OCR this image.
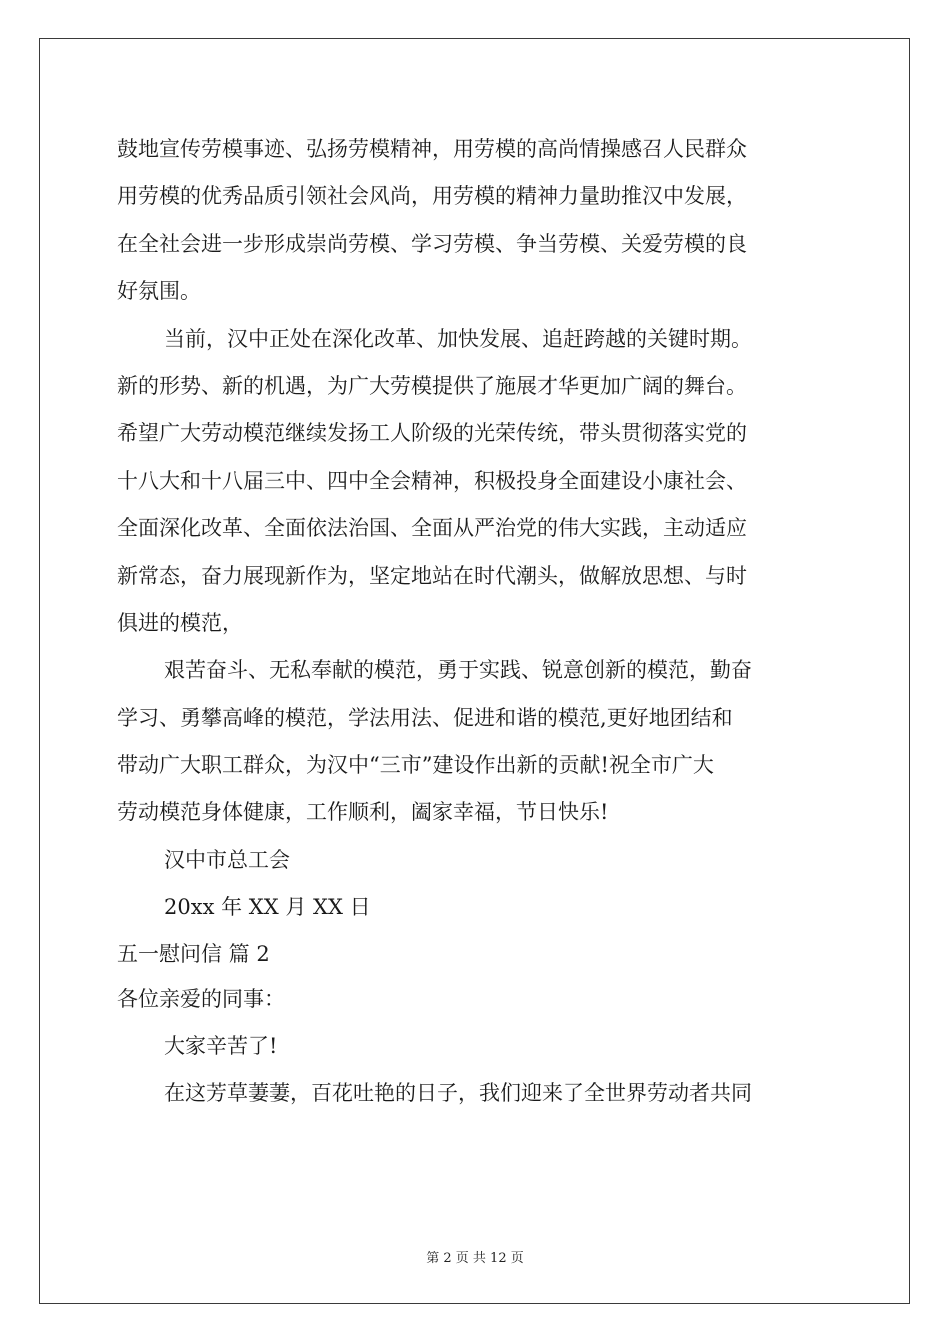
鼓地宣传劳模事迹、弘扬劳模精神，用劳模的高尚情操感召人民群众
用劳模的优秀品质引领社会风尚，用劳模的精神力量助推汉中发展，
在全社会进一步形成崇尚劳模、学习劳模、争当劳模、关爱劳模的良
好氛围。
当前，汉中正处在深化改革、加快发展、追赶跨越的关键时期。
新的形势、新的机遇，为广大劳模提供了施展才华更加广阔的舞台。
希望广大劳动模范继续发扬工人阶级的光荣传统，带头贯彻落实党的
十八大和十八届三中、四中全会精神，积极投身全面建设小康社会、
全面深化改革、全面依法治国、全面从严治党的伟大实践，主动适应
新常态，奋力展现新作为，坚定地站在时代潮头，做解放思想、与时
俱进的模范，
艰苦奋斗、无私奉献的模范，勇于实践、锐意创新的模范，勤奋
学习、勇攀高峰的模范，学法用法、促进和谐的模范,更好地团结和
带动广大职工群众，为汉中“三市”建设作出新的贡献!祝全市广大
劳动模范身体健康，工作顺利，阖家幸福，节日快乐!
汉中市总工会
20xx 年 XX 月 XX 日
五一慰问信 篇 2
各位亲爱的同事：
大家辛苦了!
在这芳草萋萋，百花吐艳的日子，我们迎来了全世界劳动者共同
第 2 页 共 12 页
